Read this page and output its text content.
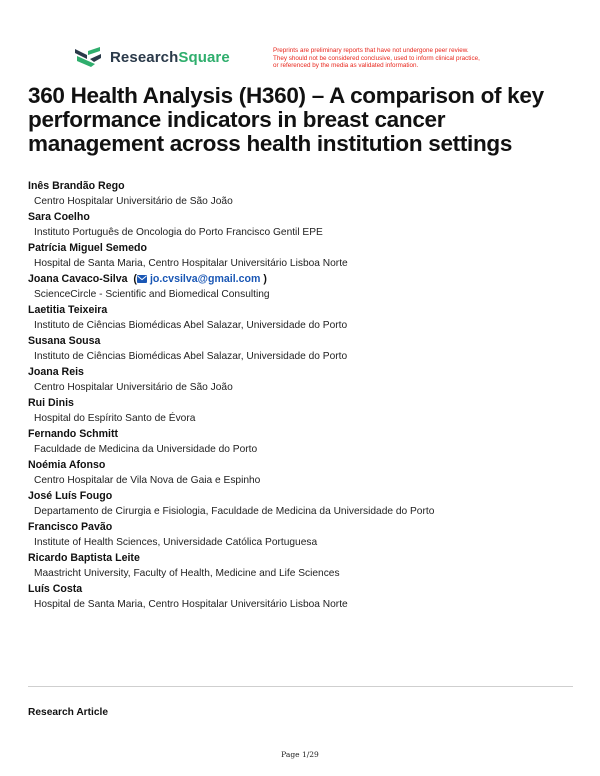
ResearchSquare	Preprints are preliminary reports that have not undergone peer review.
They should not be considered conclusive, used to inform clinical practice,
or referenced by the media as validated information.
360 Health Analysis (H360) – A comparison of key performance indicators in breast cancer management across health institution settings
Inês Brandão Rego
Centro Hospitalar Universitário de São João
Sara Coelho
Instituto Português de Oncologia do Porto Francisco Gentil EPE
Patrícia Miguel Semedo
Hospital de Santa Maria, Centro Hospitalar Universitário Lisboa Norte
Joana Cavaco-Silva  ( jo.cvsilva@gmail.com )
ScienceCircle - Scientific and Biomedical Consulting
Laetitia Teixeira
Instituto de Ciências Biomédicas Abel Salazar, Universidade do Porto
Susana Sousa
Instituto de Ciências Biomédicas Abel Salazar, Universidade do Porto
Joana Reis
Centro Hospitalar Universitário de São João
Rui Dinis
Hospital do Espírito Santo de Évora
Fernando Schmitt
Faculdade de Medicina da Universidade do Porto
Noémia Afonso
Centro Hospitalar de Vila Nova de Gaia e Espinho
José Luís Fougo
Departamento de Cirurgia e Fisiologia, Faculdade de Medicina da Universidade do Porto
Francisco Pavão
Institute of Health Sciences, Universidade Católica Portuguesa
Ricardo Baptista Leite
Maastricht University, Faculty of Health, Medicine and Life Sciences
Luís Costa
Hospital de Santa Maria, Centro Hospitalar Universitário Lisboa Norte
Research Article
Page 1/29
